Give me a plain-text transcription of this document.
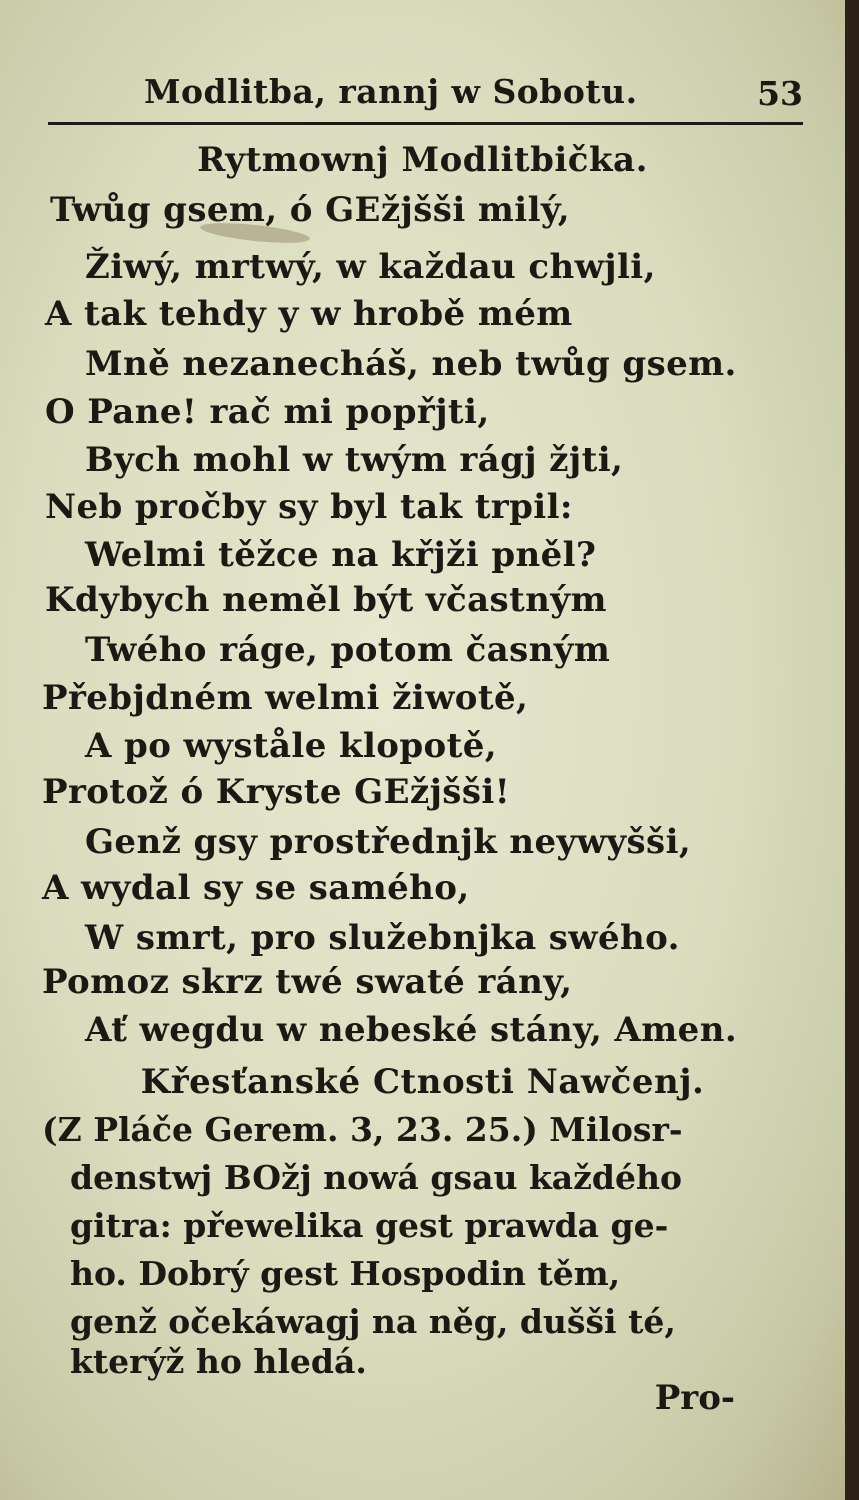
Modlitba, rannj w Sobotu.	53
Rytmownj Modlitbička.
Twůg gsem, ó GEžjšši milý,
Žiwý, mrtwý, w každau chwjli,
A tak tehdy y w hrobě mém
Mně nezanecháš, neb twůg gsem.
O Pane! rač mi popřjti,
Bych mohl w twým rágj žjti,
Neb pročby sy byl tak trpil:
Welmi těžce na křjži pněl?
Kdybych neměl být včastným
Twého ráge, potom časným
Přebjdném welmi žiwotě,
A po wyståle klopotě,
Protož ó Kryste GEžjšši!
Genž gsy prostřednjk neywyšši,
A wydal sy se samého,
W smrt, pro služebnjka swého.
Pomoz skrz twé swaté rány,
Ať wegdu w nebeské stány, Amen.
Křesťanské Ctnosti Nawčenj.
(Z Pláče Gerem. 3, 23. 25.) Milosr-
denstwj BOžj nowá gsau každého
gitra: přewelika gest prawda ge-
ho. Dobrý gest Hospodin těm,
genž očekáwagj na něg, dušši té,
kterýž ho hledá.
Pro-
